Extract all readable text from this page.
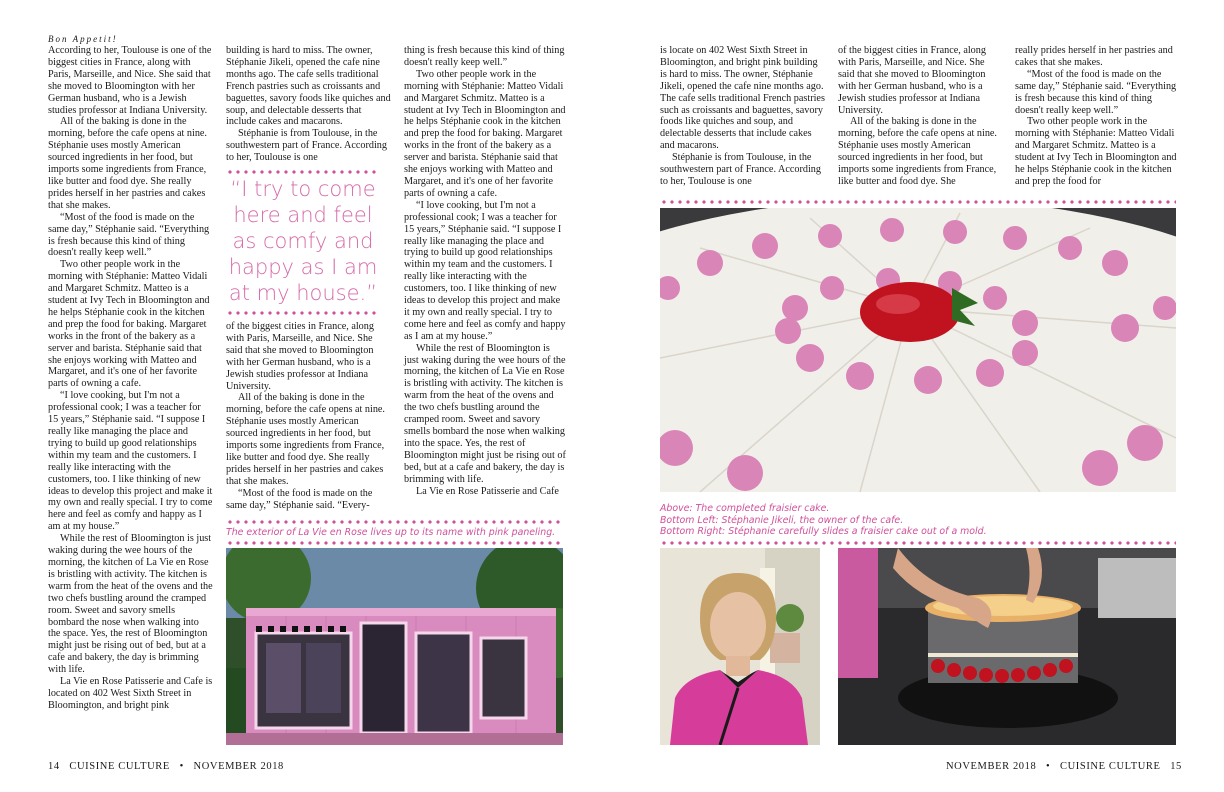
Bon Appetit!

According to her, Toulouse is one of the biggest cities in France, along with Paris, Marseille, and Nice. She said that she moved to Bloomington with her German husband, who is a Jewish studies professor at Indiana University.

All of the baking is done in the morning, before the cafe opens at nine. Stéphanie uses mostly American sourced ingredients in her food, but imports some ingredients from France, like butter and food dye. She really prides herself in her pastries and cakes that she makes.

“Most of the food is made on the same day,” Stéphanie said. “Everything is fresh because this kind of thing doesn't really keep well.”

Two other people work in the morning with Stéphanie: Matteo Vidali and Margaret Schmitz. Matteo is a student at Ivy Tech in Bloomington and he helps Stéphanie cook in the kitchen and prep the food for baking. Margaret works in the front of the bakery as a server and barista. Stéphanie said that she enjoys working with Matteo and Margaret, and it's one of her favorite parts of owning a cafe.

“I love cooking, but I'm not a professional cook; I was a teacher for 15 years,” Stéphanie said. “I suppose I really like managing the place and trying to build up good relationships within my team and the customers. I really like interacting with the customers, too. I like thinking of new ideas to develop this project and make it my own and really special. I try to come here and feel as comfy and happy as I am at my house.”

While the rest of Bloomington is just waking during the wee hours of the morning, the kitchen of La Vie en Rose is bristling with activity. The kitchen is warm from the heat of the ovens and the two chefs bustling around the cramped room. Sweet and savory smells bombard the nose when walking into the space. Yes, the rest of Bloomington might just be rising out of bed, but at a cafe and bakery, the day is brimming with life.

La Vie en Rose Patisserie and Cafe is located on 402 West Sixth Street in Bloomington, and bright pink

building is hard to miss. The owner, Stéphanie Jikeli, opened the cafe nine months ago. The cafe sells traditional French pastries such as croissants and baguettes, savory foods like quiches and soup, and delectable desserts that include cakes and macarons.

Stéphanie is from Toulouse, in the southwestern part of France. According to her, Toulouse is one

“I try to come here and feel as comfy and happy as I am at my house.”

of the biggest cities in France, along with Paris, Marseille, and Nice. She said that she moved to Bloomington with her German husband, who is a Jewish studies professor at Indiana University.

All of the baking is done in the morning, before the cafe opens at nine. Stéphanie uses mostly American sourced ingredients in her food, but imports some ingredients from France, like butter and food dye. She really prides herself in her pastries and cakes that she makes.

“Most of the food is made on the same day,” Stéphanie said. “Every-

thing is fresh because this kind of thing doesn't really keep well.”

Two other people work in the morning with Stéphanie: Matteo Vidali and Margaret Schmitz. Matteo is a student at Ivy Tech in Bloomington and he helps Stéphanie cook in the kitchen and prep the food for baking. Margaret works in the front of the bakery as a server and barista. Stéphanie said that she enjoys working with Matteo and Margaret, and it's one of her favorite parts of owning a cafe.

“I love cooking, but I'm not a professional cook; I was a teacher for 15 years,” Stéphanie said. “I suppose I really like managing the place and trying to build up good relationships within my team and the customers. I really like interacting with the customers, too. I like thinking of new ideas to develop this project and make it my own and really special. I try to come here and feel as comfy and happy as I am at my house.”

While the rest of Bloomington is just waking during the wee hours of the morning, the kitchen of La Vie en Rose is bristling with activity. The kitchen is warm from the heat of the ovens and the two chefs bustling around the cramped room. Sweet and savory smells bombard the nose when walking into the space. Yes, the rest of Bloomington might just be rising out of bed, but at a cafe and bakery, the day is brimming with life.

La Vie en Rose Patisserie and Cafe

The exterior of La Vie en Rose lives up to its name with pink paneling.
14 CUISINE CULTURE • NOVEMBER 2018

is locate on 402 West Sixth Street in Bloomington, and bright pink building is hard to miss. The owner, Stéphanie Jikeli, opened the cafe nine months ago. The cafe sells traditional French pastries such as croissants and baguettes, savory foods like quiches and soup, and delectable desserts that include cakes and macarons.

Stéphanie is from Toulouse, in the southwestern part of France. According to her, Toulouse is one

of the biggest cities in France, along with Paris, Marseille, and Nice. She said that she moved to Bloomington with her German husband, who is a Jewish studies professor at Indiana University.

All of the baking is done in the morning, before the cafe opens at nine. Stéphanie uses mostly American sourced ingredients in her food, but imports some ingredients from France, like butter and food dye. She

really prides herself in her pastries and cakes that she makes.

“Most of the food is made on the same day,” Stéphanie said. “Everything is fresh because this kind of thing doesn't really keep well.”

Two other people work in the morning with Stéphanie: Matteo Vidali and Margaret Schmitz. Matteo is a student at Ivy Tech in Bloomington and he helps Stéphanie cook in the kitchen and prep the food for

Above: The completed fraisier cake.
Bottom Left: Stéphanie Jikeli, the owner of the cafe.
Bottom Right: Stéphanie carefully slides a fraisier cake out of a mold.
NOVEMBER 2018 • CUISINE CULTURE 15
